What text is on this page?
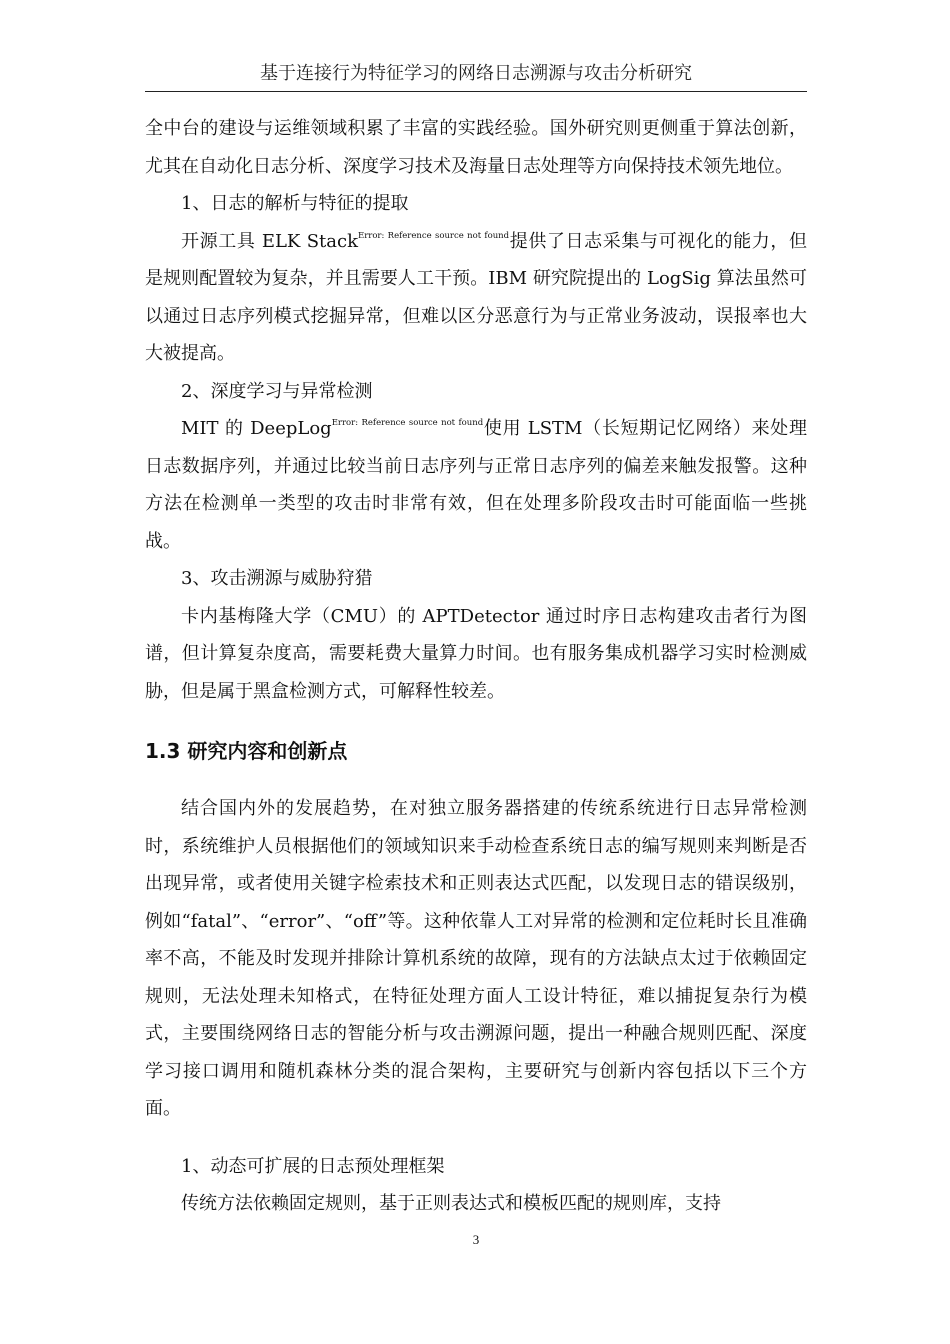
基于连接行为特征学习的网络日志溯源与攻击分析研究

全中台的建设与运维领域积累了丰富的实践经验。国外研究则更侧重于算法创新，尤其在自动化日志分析、深度学习技术及海量日志处理等方向保持技术领先地位。

1、日志的解析与特征的提取

开源工具 ELK Stack$^{Error: Reference source not found}$提供了日志采集与可视化的能力，但是规则配置较为复杂，并且需要人工干预。IBM 研究院提出的 LogSig 算法虽然可以通过日志序列模式挖掘异常，但难以区分恶意行为与正常业务波动，误报率也大大被提高。

2、深度学习与异常检测

MIT 的 DeepLog$^{Error: Reference source not found}$使用 LSTM（长短期记忆网络）来处理日志数据序列，并通过比较当前日志序列与正常日志序列的偏差来触发报警。这种方法在检测单一类型的攻击时非常有效，但在处理多阶段攻击时可能面临一些挑战。

3、攻击溯源与威胁狩猎

卡内基梅隆大学（CMU）的 APTDetector 通过时序日志构建攻击者行为图谱，但计算复杂度高，需要耗费大量算力时间。也有服务集成机器学习实时检测威胁，但是属于黑盒检测方式，可解释性较差。

1.3 研究内容和创新点

结合国内外的发展趋势，在对独立服务器搭建的传统系统进行日志异常检测时，系统维护人员根据他们的领域知识来手动检查系统日志的编写规则来判断是否出现异常，或者使用关键字检索技术和正则表达式匹配，以发现日志的错误级别，例如“fatal”、“error”、“off”等。这种依靠人工对异常的检测和定位耗时长且准确率不高，不能及时发现并排除计算机系统的故障，现有的方法缺点太过于依赖固定规则，无法处理未知格式，在特征处理方面人工设计特征，难以捕捉复杂行为模式，主要围绕网络日志的智能分析与攻击溯源问题，提出一种融合规则匹配、深度学习接口调用和随机森林分类的混合架构，主要研究与创新内容包括以下三个方面。

1、动态可扩展的日志预处理框架

传统方法依赖固定规则，基于正则表达式和模板匹配的规则库，支持

3
